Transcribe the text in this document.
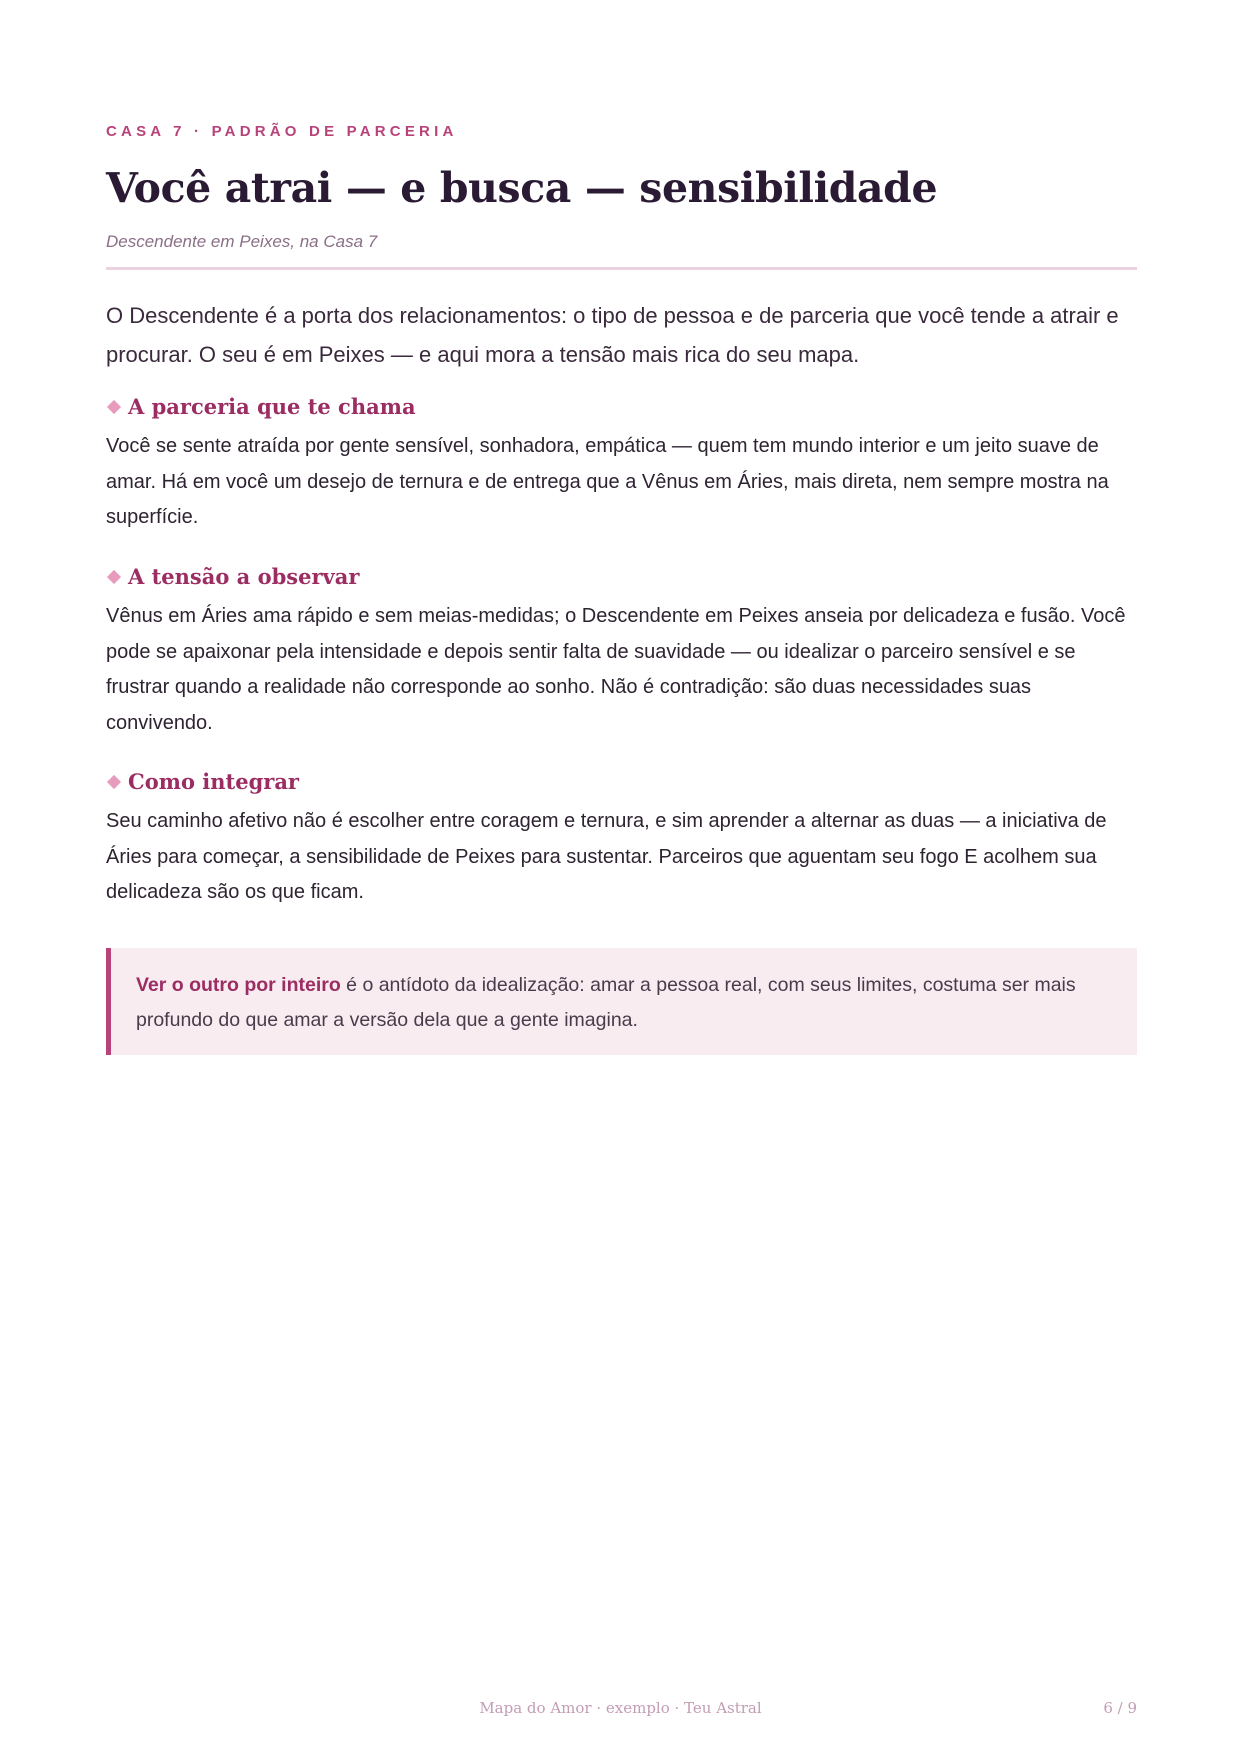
CASA 7 · PADRÃO DE PARCERIA
Você atrai — e busca — sensibilidade
Descendente em Peixes, na Casa 7

O Descendente é a porta dos relacionamentos: o tipo de pessoa e de parceria que você tende a atrair e procurar. O seu é em Peixes — e aqui mora a tensão mais rica do seu mapa.

A parceria que te chama

Você se sente atraída por gente sensível, sonhadora, empática — quem tem mundo interior e um jeito suave de amar. Há em você um desejo de ternura e de entrega que a Vênus em Áries, mais direta, nem sempre mostra na superfície.

A tensão a observar

Vênus em Áries ama rápido e sem meias-medidas; o Descendente em Peixes anseia por delicadeza e fusão. Você pode se apaixonar pela intensidade e depois sentir falta de suavidade — ou idealizar o parceiro sensível e se frustrar quando a realidade não corresponde ao sonho. Não é contradição: são duas necessidades suas convivendo.

Como integrar

Seu caminho afetivo não é escolher entre coragem e ternura, e sim aprender a alternar as duas — a iniciativa de Áries para começar, a sensibilidade de Peixes para sustentar. Parceiros que aguentam seu fogo E acolhem sua delicadeza são os que ficam.

Ver o outro por inteiro é o antídoto da idealização: amar a pessoa real, com seus limites, costuma ser mais profundo do que amar a versão dela que a gente imagina.

Mapa do Amor · exemplo · Teu Astral	6 / 9
